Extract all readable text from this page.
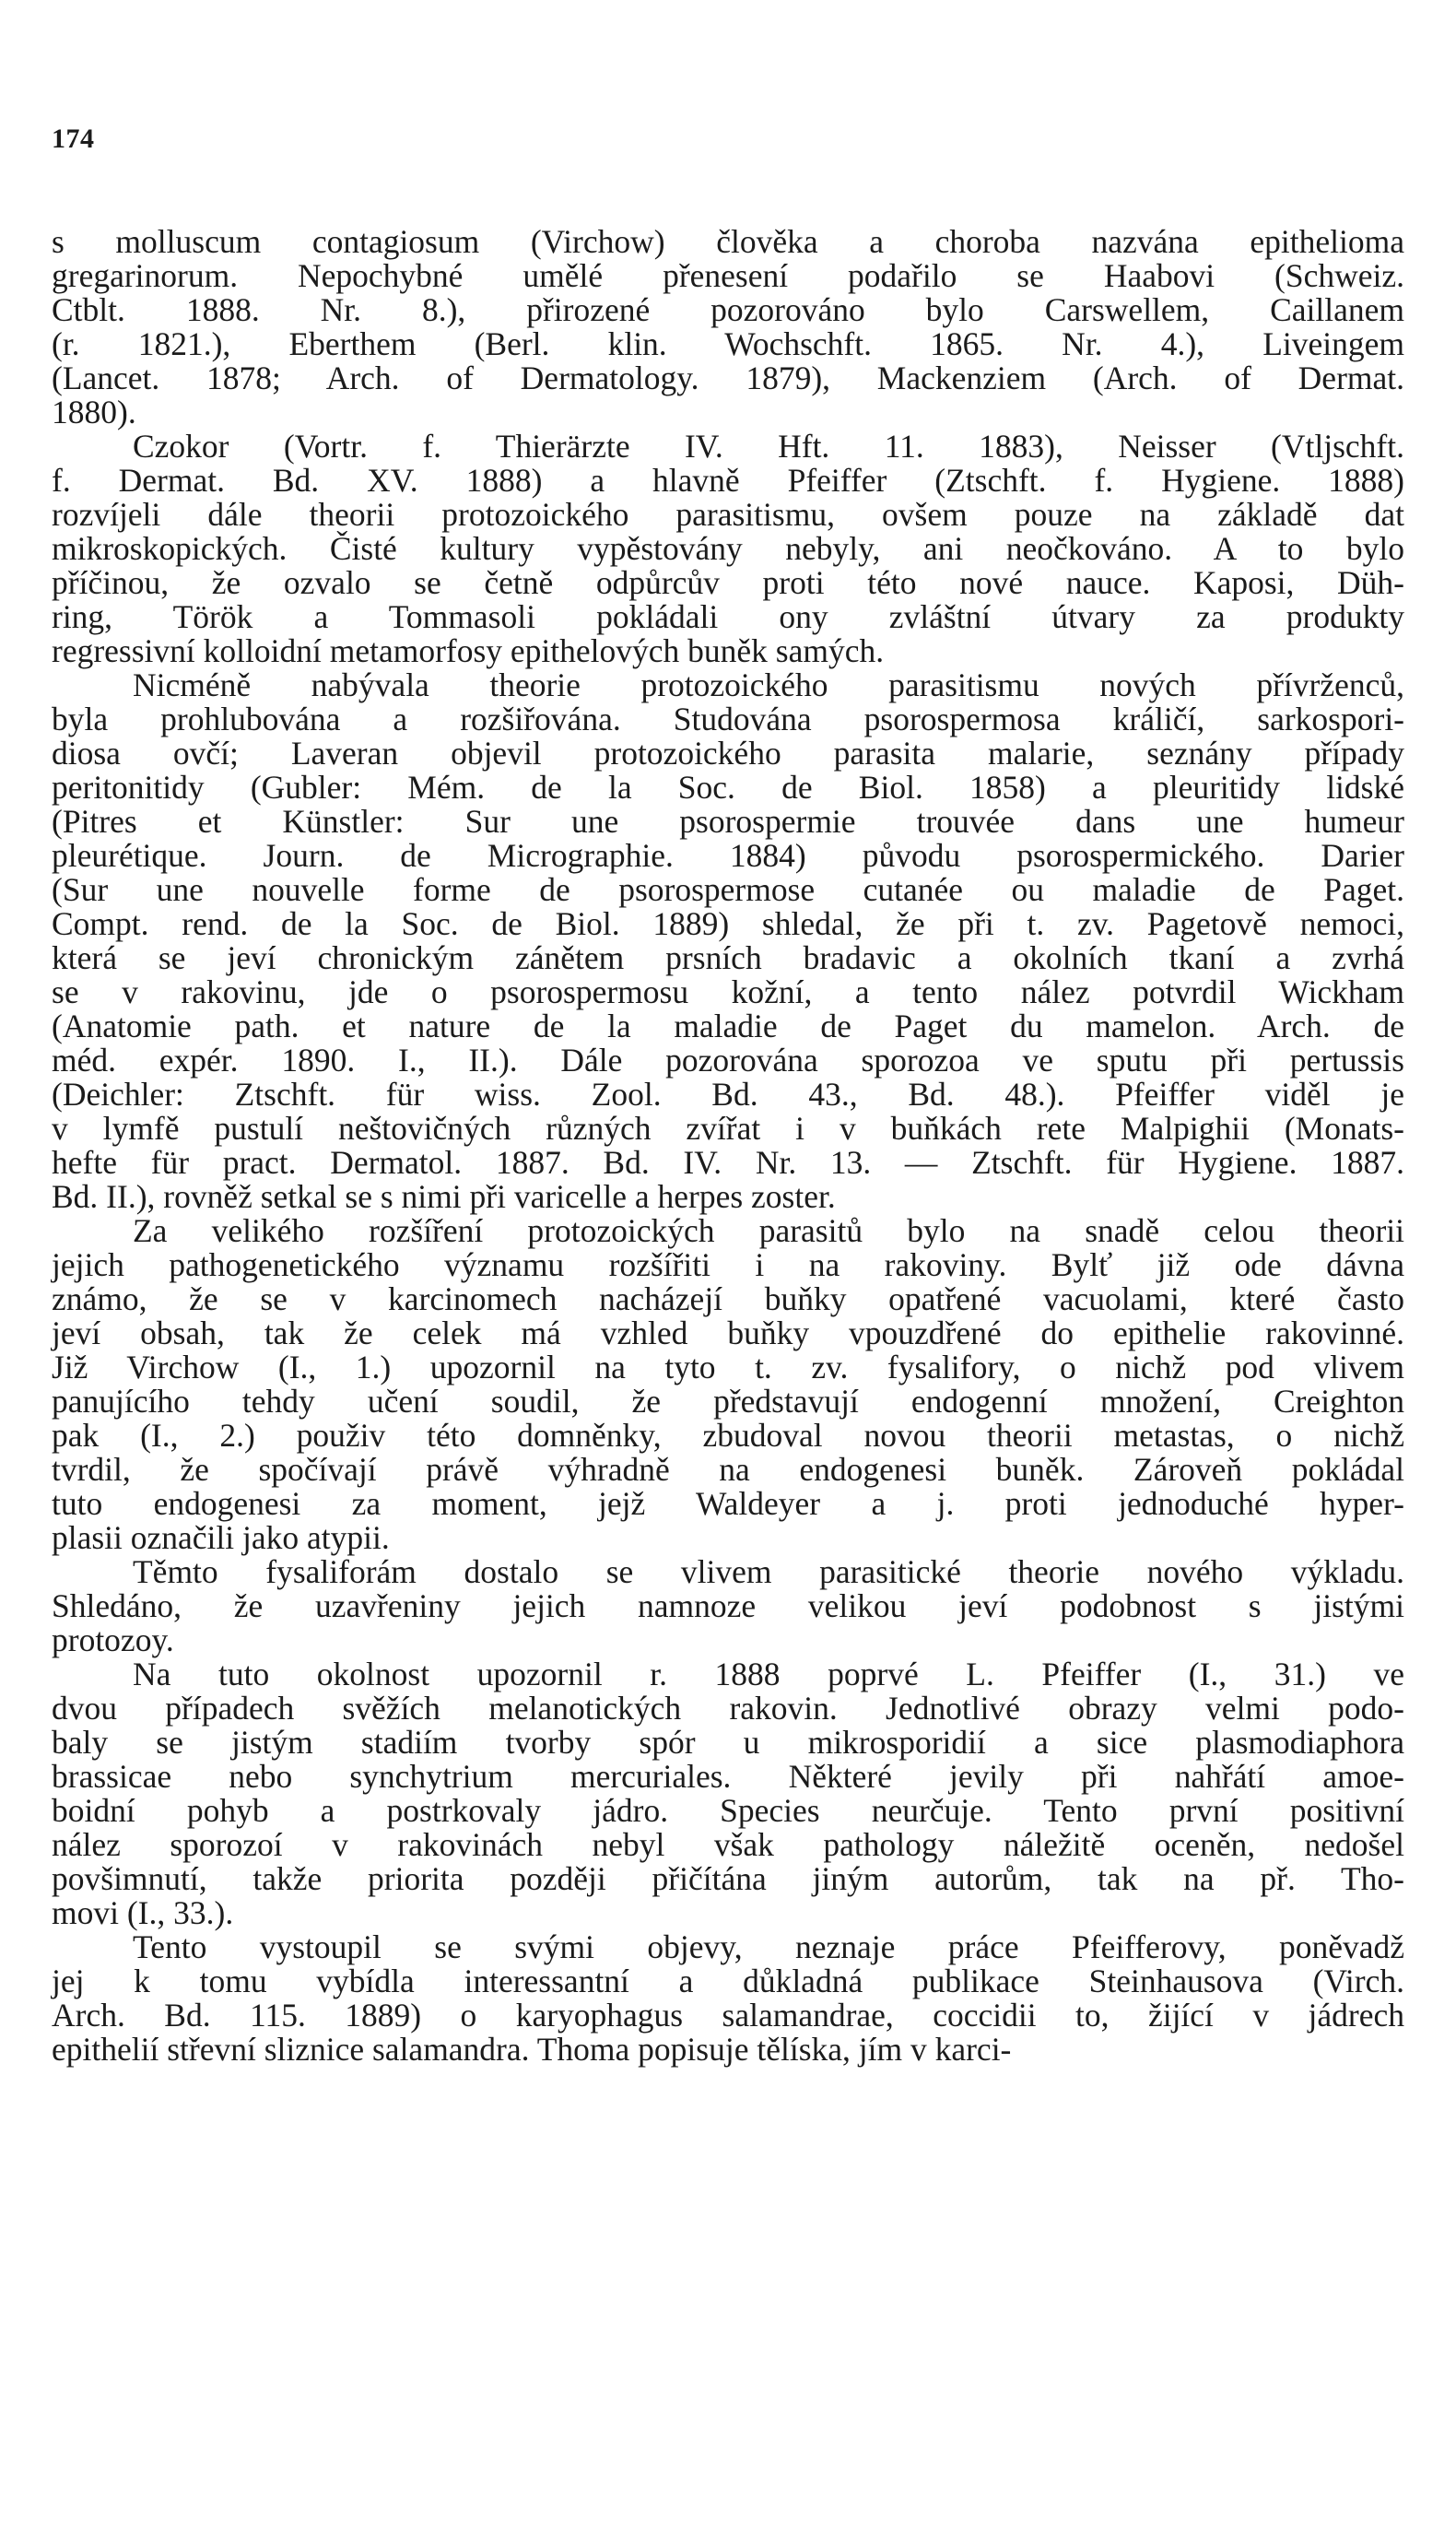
174

s molluscum contagiosum (Virchow) člověka a choroba nazvána epithelioma
gregarinorum. Nepochybné umělé přenesení podařilo se Haabovi (Schweiz.
Ctblt. 1888. Nr. 8.), přirozené pozorováno bylo Carswellem, Caillanem
(r. 1821.), Eberthem (Berl. klin. Wochschft. 1865. Nr. 4.), Liveingem
(Lancet. 1878; Arch. of Dermatology. 1879), Mackenziem (Arch. of Dermat.
1880).

Czokor (Vortr. f. Thierärzte IV. Hft. 11. 1883), Neisser (Vtljschft.
f. Dermat. Bd. XV. 1888) a hlavně Pfeiffer (Ztschft. f. Hygiene. 1888)
rozvíjeli dále theorii protozoického parasitismu, ovšem pouze na základě dat
mikroskopických. Čisté kultury vypěstovány nebyly, ani neočkováno. A to bylo
příčinou, že ozvalo se četně odpůrcův proti této nové nauce. Kaposi, Düh-
ring, Török a Tommasoli pokládali ony zvláštní útvary za produkty
regressivní kolloidní metamorfosy epithelových buněk samých.

Nicméně nabývala theorie protozoického parasitismu nových přívrženců,
byla prohlubována a rozšiřována. Studována psorospermosa králičí, sarkospori-
diosa ovčí; Laveran objevil protozoického parasita malarie, seznány případy
peritonitidy (Gubler: Mém. de la Soc. de Biol. 1858) a pleuritidy lidské
(Pitres et Künstler: Sur une psorospermie trouvée dans une humeur
pleurétique. Journ. de Micrographie. 1884) původu psorospermického. Darier
(Sur une nouvelle forme de psorospermose cutanée ou maladie de Paget.
Compt. rend. de la Soc. de Biol. 1889) shledal, že při t. zv. Pagetově nemoci,
která se jeví chronickým zánětem prsních bradavic a okolních tkaní a zvrhá
se v rakovinu, jde o psorospermosu kožní, a tento nález potvrdil Wickham
(Anatomie path. et nature de la maladie de Paget du mamelon. Arch. de
méd. expér. 1890. I., II.). Dále pozorována sporozoa ve sputu při pertussis
(Deichler: Ztschft. für wiss. Zool. Bd. 43., Bd. 48.). Pfeiffer viděl je
v lymfě pustulí neštovičných různých zvířat i v buňkách rete Malpighii (Monats-
hefte für pract. Dermatol. 1887. Bd. IV. Nr. 13. — Ztschft. für Hygiene. 1887.
Bd. II.), rovněž setkal se s nimi při varicelle a herpes zoster.

Za velikého rozšíření protozoických parasitů bylo na snadě celou theorii
jejich pathogenetického významu rozšířiti i na rakoviny. Bylť již ode dávna
známo, že se v karcinomech nacházejí buňky opatřené vacuolami, které často
jeví obsah, tak že celek má vzhled buňky vpouzdřené do epithelie rakovinné.
Již Virchow (I., 1.) upozornil na tyto t. zv. fysalifory, o nichž pod vlivem
panujícího tehdy učení soudil, že představují endogenní množení, Creighton
pak (I., 2.) použiv této domněnky, zbudoval novou theorii metastas, o nichž
tvrdil, že spočívají právě výhradně na endogenesi buněk. Zároveň pokládal
tuto endogenesi za moment, jejž Waldeyer a j. proti jednoduché hyper-
plasii označili jako atypii.

Těmto fysaliforám dostalo se vlivem parasitické theorie nového výkladu.
Shledáno, že uzavřeniny jejich namnoze velikou jeví podobnost s jistými
protozoy.

Na tuto okolnost upozornil r. 1888 poprvé L. Pfeiffer (I., 31.) ve
dvou případech svěžích melanotických rakovin. Jednotlivé obrazy velmi podo-
baly se jistým stadiím tvorby spór u mikrosporidií a sice plasmodiaphora
brassicae nebo synchytrium mercuriales. Některé jevily při nahřátí amoe-
boidní pohyb a postrkovaly jádro. Species neurčuje. Tento první positivní
nález sporozoí v rakovinách nebyl však pathology náležitě oceněn, nedošel
povšimnutí, takže priorita později přičítána jiným autorům, tak na př. Tho-
movi (I., 33.).

Tento vystoupil se svými objevy, neznaje práce Pfeifferovy, poněvadž
jej k tomu vybídla interessantní a důkladná publikace Steinhausova (Virch.
Arch. Bd. 115. 1889) o karyophagus salamandrae, coccidii to, žijící v jádrech
epithelií střevní sliznice salamandra. Thoma popisuje tělíska, jím v karci-
